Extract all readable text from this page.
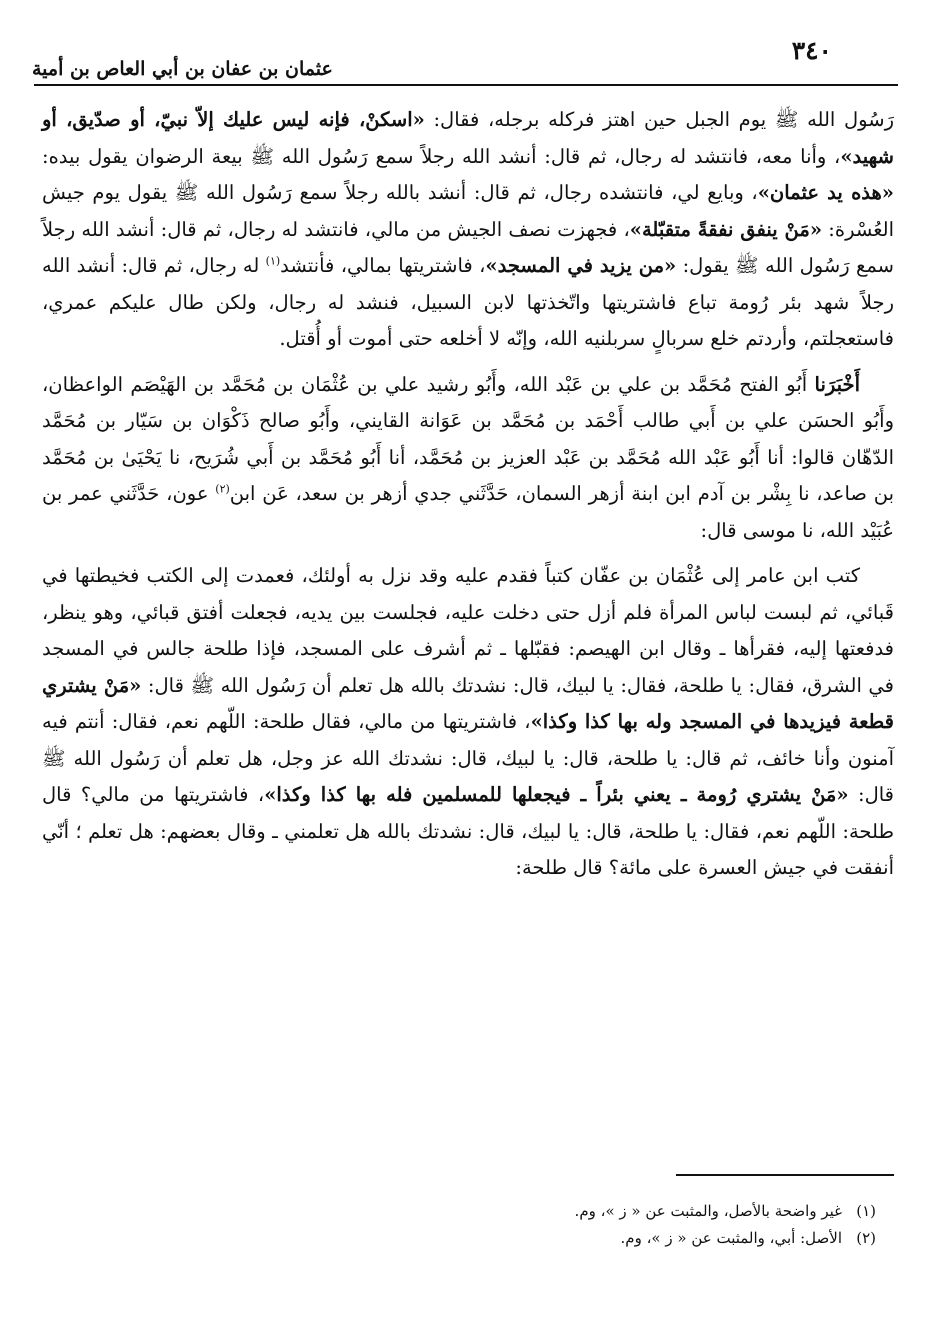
٣٤٠
عثمان بن عفان بن أبي العاص بن أمية

رَسُول الله ﷺ يوم الجبل حين اهتز فركله برجله، فقال: «اسكنْ، فإنه ليس عليك إلاّ نبيّ، أو صدّيق، أو شهيد»، وأنا معه، فانتشد له رجال، ثم قال: أنشد الله رجلاً سمع رَسُول الله ﷺ بيعة الرضوان يقول بيده: «هذه يد عثمان»، وبايع لي، فانتشده رجال، ثم قال: أنشد بالله رجلاً سمع رَسُول الله ﷺ يقول يوم جيش العُسْرة: «مَنْ ينفق نفقةً متقبّلة»، فجهزت نصف الجيش من مالي، فانتشد له رجال، ثم قال: أنشد الله رجلاً سمع رَسُول الله ﷺ يقول: «من يزيد في المسجد»، فاشتريتها بمالي، فأنتشد$^{(١)}$ له رجال، ثم قال: أنشد الله رجلاً شهد بئر رُومة تباع فاشتريتها واتّخذتها لابن السبيل، فنشد له رجال، ولكن طال عليكم عمري، فاستعجلتم، وأردتم خلع سربالٍ سربلنيه الله، وإنّه لا أخلعه حتى أموت أو أُقتل.

أَخْبَرَنا أَبُو الفتح مُحَمَّد بن علي بن عَبْد الله، وأَبُو رشيد علي بن عُثْمَان بن مُحَمَّد بن الهَيْصَم الواعظان، وأَبُو الحسَن علي بن أَبي طالب أَحْمَد بن مُحَمَّد بن عَوَانة القايني، وأَبُو صالح ذَكْوَان بن سَيّار بن مُحَمَّد الدّهّان قالوا: أنا أَبُو عَبْد الله مُحَمَّد بن عَبْد العزيز بن مُحَمَّد، أنا أَبُو مُحَمَّد بن أَبي شُرَيح، نا يَحْيَىٰ بن مُحَمَّد بن صاعد، نا بِشْر بن آدم ابن ابنة أزهر السمان، حَدَّثَني جدي أزهر بن سعد، عَن ابن$^{(٢)}$ عون، حَدَّثَني عمر بن عُبَيْد الله، نا موسى قال:

كتب ابن عامر إلى عُثْمَان بن عفّان كتباً فقدم عليه وقد نزل به أولئك، فعمدت إلى الكتب فخيطتها في قَبائي، ثم لبست لباس المرأة فلم أزل حتى دخلت عليه، فجلست بين يديه، فجعلت أفتق قبائي، وهو ينظر، فدفعتها إليه، فقرأها ـ وقال ابن الهيصم: فقبّلها ـ ثم أشرف على المسجد، فإذا طلحة جالس في المسجد في الشرق، فقال: يا طلحة، فقال: يا لبيك، قال: نشدتك بالله هل تعلم أن رَسُول الله ﷺ قال: «مَنْ يشتري قطعة فيزيدها في المسجد وله بها كذا وكذا»، فاشتريتها من مالي، فقال طلحة: اللّهم نعم، فقال: أنتم فيه آمنون وأنا خائف، ثم قال: يا طلحة، قال: يا لبيك، قال: نشدتك الله عز وجل، هل تعلم أن رَسُول الله ﷺ قال: «مَنْ يشتري رُومة ـ يعني بئراً ـ فيجعلها للمسلمين فله بها كذا وكذا»، فاشتريتها من مالي؟ قال طلحة: اللّهم نعم، فقال: يا طلحة، قال: يا لبيك، قال: نشدتك بالله هل تعلمني ـ وقال بعضهم: هل تعلم ؛ أنّي أنفقت في جيش العسرة على مائة؟ قال طلحة:

(١)غير واضحة بالأصل، والمثبت عن « ز »، وم.
(٢)الأصل: أبي، والمثبت عن « ز »، وم.
